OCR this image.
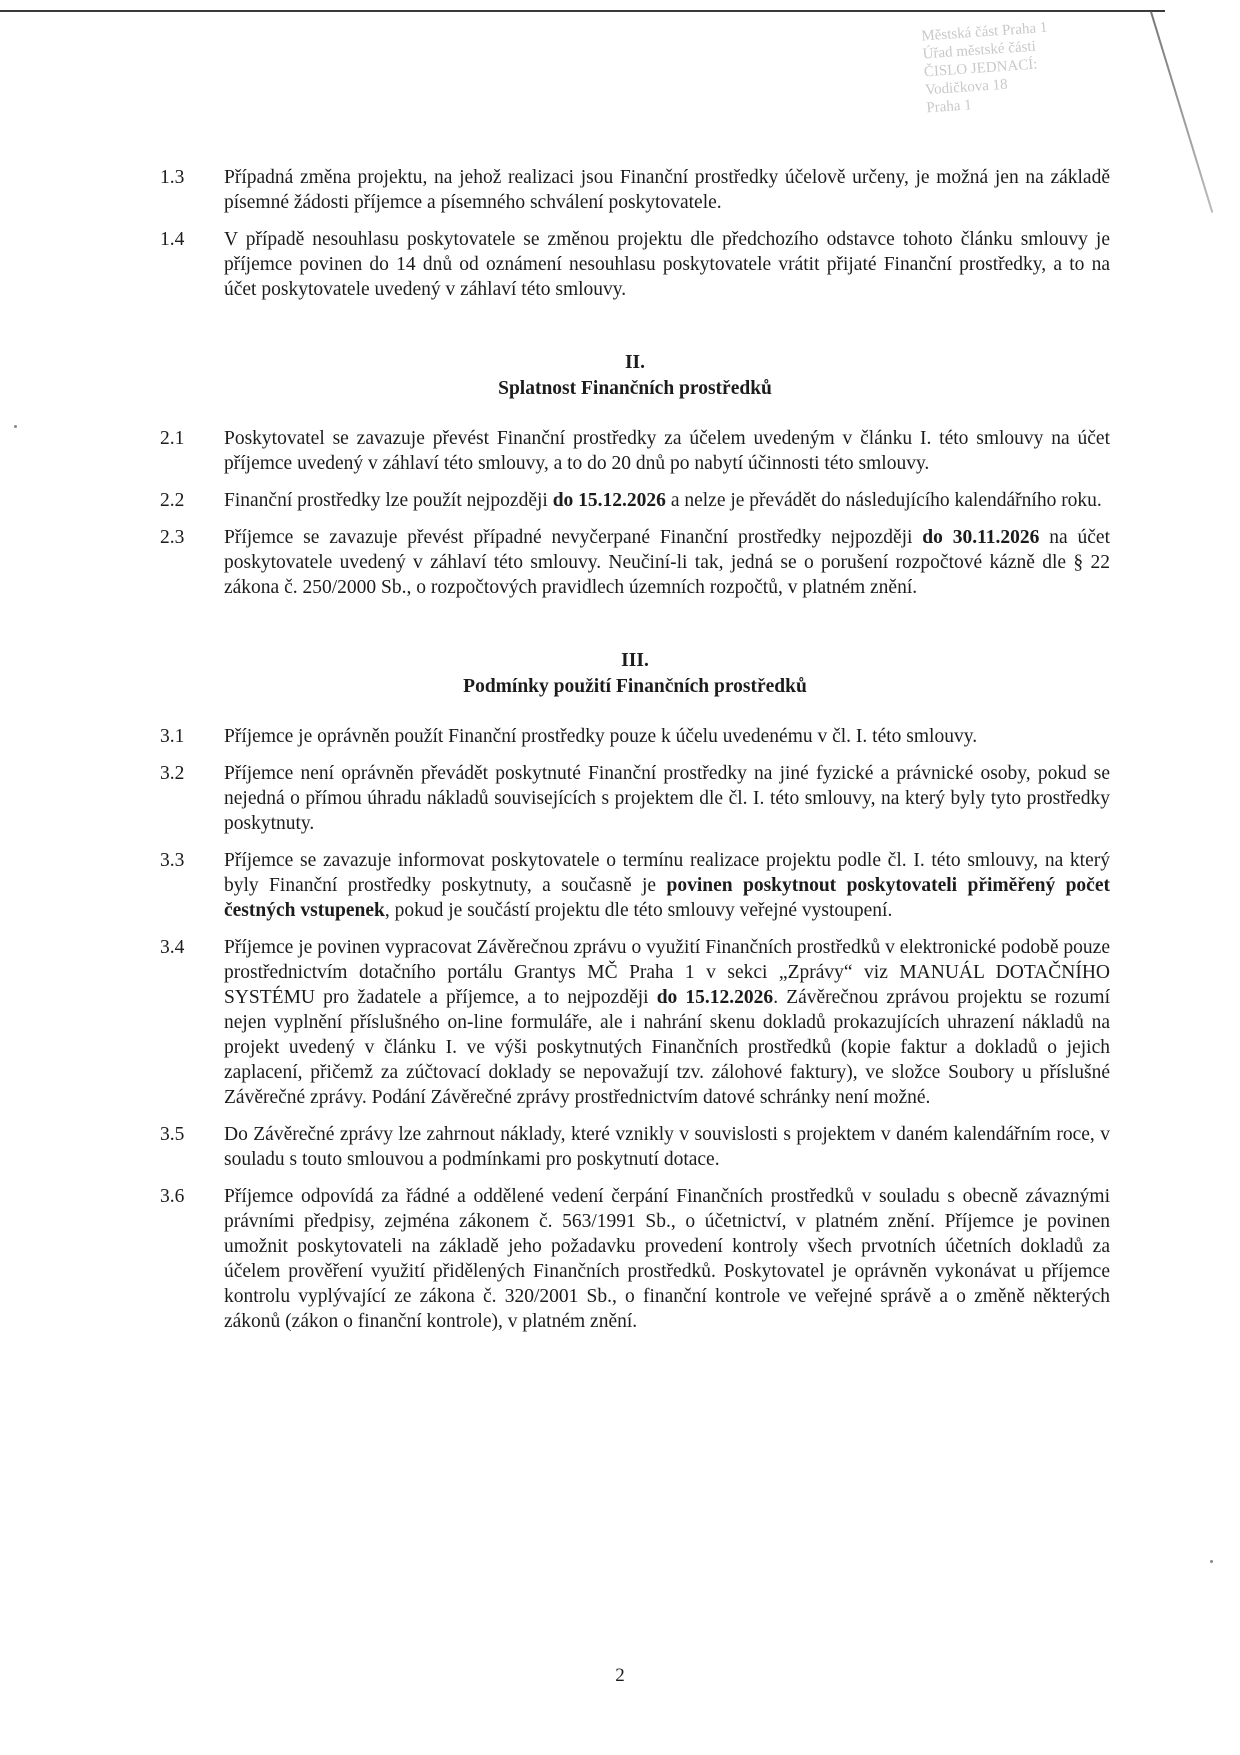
Městská část Praha 1
Úřad městské části
ČISLO JEDNACÍ:
Vodičkova 18
Praha 1
1.3 Případná změna projektu, na jehož realizaci jsou Finanční prostředky účelově určeny, je možná jen na základě písemné žádosti příjemce a písemného schválení poskytovatele.
1.4 V případě nesouhlasu poskytovatele se změnou projektu dle předchozího odstavce tohoto článku smlouvy je příjemce povinen do 14 dnů od oznámení nesouhlasu poskytovatele vrátit přijaté Finanční prostředky, a to na účet poskytovatele uvedený v záhlaví této smlouvy.
II.
Splatnost Finančních prostředků
2.1 Poskytovatel se zavazuje převést Finanční prostředky za účelem uvedeným v článku I. této smlouvy na účet příjemce uvedený v záhlaví této smlouvy, a to do 20 dnů po nabytí účinnosti této smlouvy.
2.2 Finanční prostředky lze použít nejpozději do 15.12.2026 a nelze je převádět do následujícího kalendářního roku.
2.3 Příjemce se zavazuje převést případné nevyčerpané Finanční prostředky nejpozději do 30.11.2026 na účet poskytovatele uvedený v záhlaví této smlouvy. Neučiní-li tak, jedná se o porušení rozpočtové kázně dle § 22 zákona č. 250/2000 Sb., o rozpočtových pravidlech územních rozpočtů, v platném znění.
III.
Podmínky použití Finančních prostředků
3.1 Příjemce je oprávněn použít Finanční prostředky pouze k účelu uvedenému v čl. I. této smlouvy.
3.2 Příjemce není oprávněn převádět poskytnuté Finanční prostředky na jiné fyzické a právnické osoby, pokud se nejedná o přímou úhradu nákladů souvisejících s projektem dle čl. I. této smlouvy, na který byly tyto prostředky poskytnuty.
3.3 Příjemce se zavazuje informovat poskytovatele o termínu realizace projektu podle čl. I. této smlouvy, na který byly Finanční prostředky poskytnuty, a současně je povinen poskytnout poskytovateli přiměřený počet čestných vstupenek, pokud je součástí projektu dle této smlouvy veřejné vystoupení.
3.4 Příjemce je povinen vypracovat Závěrečnou zprávu o využití Finančních prostředků v elektronické podobě pouze prostřednictvím dotačního portálu Grantys MČ Praha 1 v sekci „Zprávy“ viz MANUÁL DOTAČNÍHO SYSTÉMU pro žadatele a příjemce, a to nejpozději do 15.12.2026. Závěrečnou zprávou projektu se rozumí nejen vyplnění příslušného on-line formuláře, ale i nahrání skenu dokladů prokazujících uhrazení nákladů na projekt uvedený v článku I. ve výši poskytnutých Finančních prostředků (kopie faktur a dokladů o jejich zaplacení, přičemž za zúčtovací doklady se nepovažují tzv. zálohové faktury), ve složce Soubory u příslušné Závěrečné zprávy. Podání Závěrečné zprávy prostřednictvím datové schránky není možné.
3.5 Do Závěrečné zprávy lze zahrnout náklady, které vznikly v souvislosti s projektem v daném kalendářním roce, v souladu s touto smlouvou a podmínkami pro poskytnutí dotace.
3.6 Příjemce odpovídá za řádné a oddělené vedení čerpání Finančních prostředků v souladu s obecně závaznými právními předpisy, zejména zákonem č. 563/1991 Sb., o účetnictví, v platném znění. Příjemce je povinen umožnit poskytovateli na základě jeho požadavku provedení kontroly všech prvotních účetních dokladů za účelem prověření využití přidělených Finančních prostředků. Poskytovatel je oprávněn vykonávat u příjemce kontrolu vyplývající ze zákona č. 320/2001 Sb., o finanční kontrole ve veřejné správě a o změně některých zákonů (zákon o finanční kontrole), v platném znění.
2
